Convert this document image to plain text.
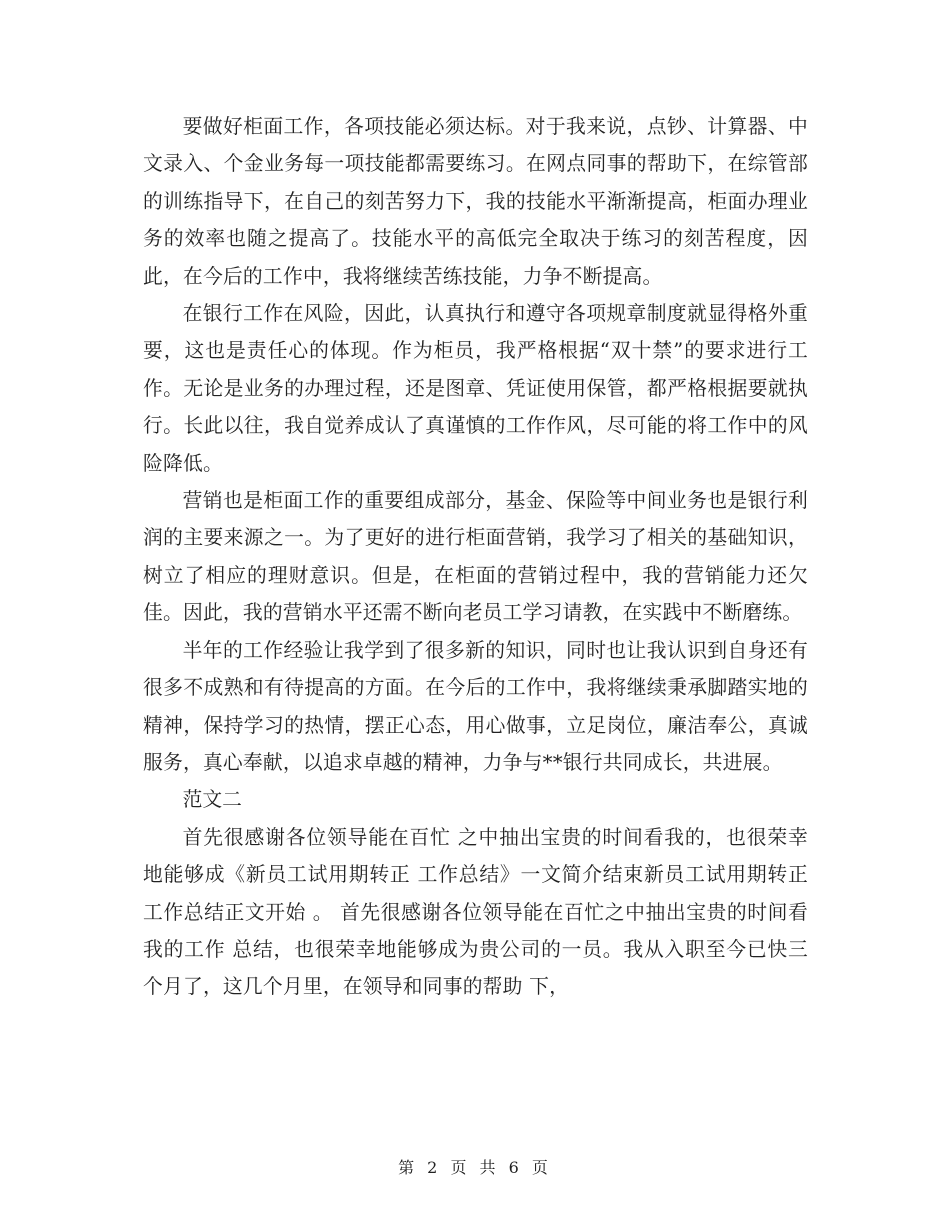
要做好柜面工作，各项技能必须达标。对于我来说，点钞、计算器、中文录入、个金业务每一项技能都需要练习。在网点同事的帮助下，在综管部的训练指导下，在自己的刻苦努力下，我的技能水平渐渐提高，柜面办理业务的效率也随之提高了。技能水平的高低完全取决于练习的刻苦程度，因此，在今后的工作中，我将继续苦练技能，力争不断提高。

在银行工作在风险，因此，认真执行和遵守各项规章制度就显得格外重要，这也是责任心的体现。作为柜员，我严格根据“双十禁”的要求进行工作。无论是业务的办理过程，还是图章、凭证使用保管，都严格根据要就执行。长此以往，我自觉养成认了真谨慎的工作作风，尽可能的将工作中的风险降低。

营销也是柜面工作的重要组成部分，基金、保险等中间业务也是银行利润的主要来源之一。为了更好的进行柜面营销，我学习了相关的基础知识，树立了相应的理财意识。但是，在柜面的营销过程中，我的营销能力还欠佳。因此，我的营销水平还需不断向老员工学习请教，在实践中不断磨练。

半年的工作经验让我学到了很多新的知识，同时也让我认识到自身还有很多不成熟和有待提高的方面。在今后的工作中，我将继续秉承脚踏实地的精神，保持学习的热情，摆正心态，用心做事，立足岗位，廉洁奉公，真诚服务，真心奉献，以追求卓越的精神，力争与**银行共同成长，共进展。

范文二

首先很感谢各位领导能在百忙 之中抽出宝贵的时间看我的，也很荣幸地能够成《新员工试用期转正 工作总结》一文简介结束新员工试用期转正工作总结正文开始 。 首先很感谢各位领导能在百忙之中抽出宝贵的时间看我的工作 总结，也很荣幸地能够成为贵公司的一员。我从入职至今已快三个月了，这几个月里，在领导和同事的帮助 下，

第 2 页 共 6 页
